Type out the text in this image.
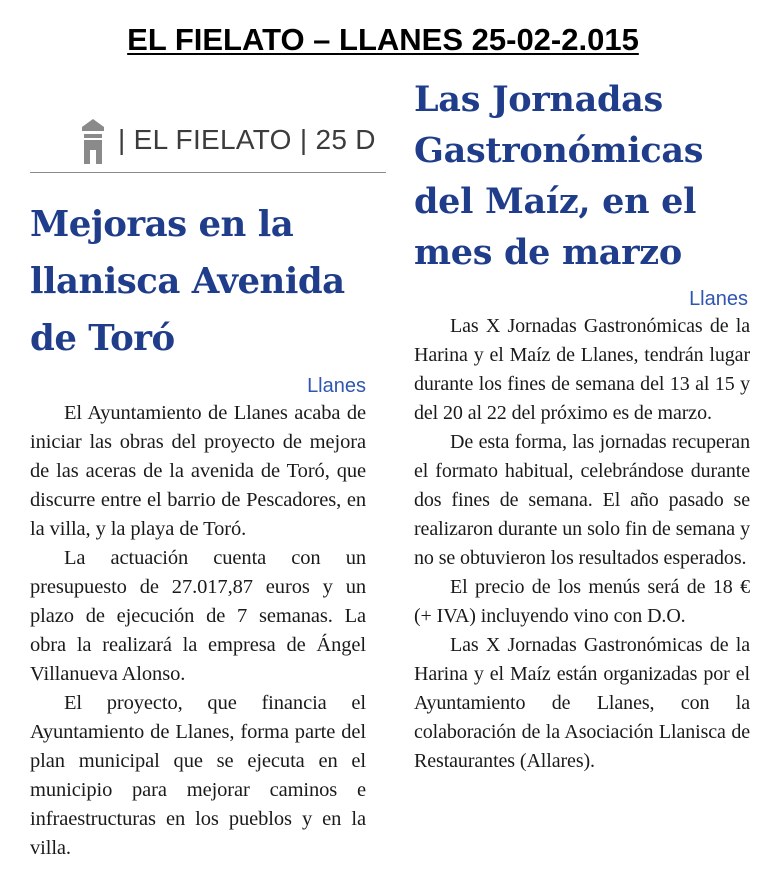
EL FIELATO – LLANES 25-02-2.015
| EL FIELATO | 25 D
Mejoras en la llanisca Avenida de Toró
Llanes

El Ayuntamiento de Llanes acaba de iniciar las obras del proyecto de mejora de las aceras de la avenida de Toró, que discurre entre el barrio de Pescadores, en la villa, y la playa de Toró.

La actuación cuenta con un presupuesto de 27.017,87 euros y un plazo de ejecución de 7 semanas. La obra la realizará la empresa de Ángel Villanueva Alonso.

El proyecto, que financia el Ayuntamiento de Llanes, forma parte del plan municipal que se ejecuta en el municipio para mejorar caminos e infraestructuras en los pueblos y en la villa.

Las Jornadas Gastronómicas del Maíz, en el mes de marzo
Llanes

Las X Jornadas Gastronómicas de la Harina y el Maíz de Llanes, tendrán lugar durante los fines de semana del 13 al 15 y del 20 al 22 del próximo es de marzo.

De esta forma, las jornadas recuperan el formato habitual, celebrándose durante dos fines de semana. El año pasado se realizaron durante un solo fin de semana y no se obtuvieron los resultados esperados.

El precio de los menús será de 18 € (+ IVA) incluyendo vino con D.O.

Las X Jornadas Gastronómicas de la Harina y el Maíz están organizadas por el Ayuntamiento de Llanes, con la colaboración de la Asociación Llanisca de Restaurantes (Allares).
